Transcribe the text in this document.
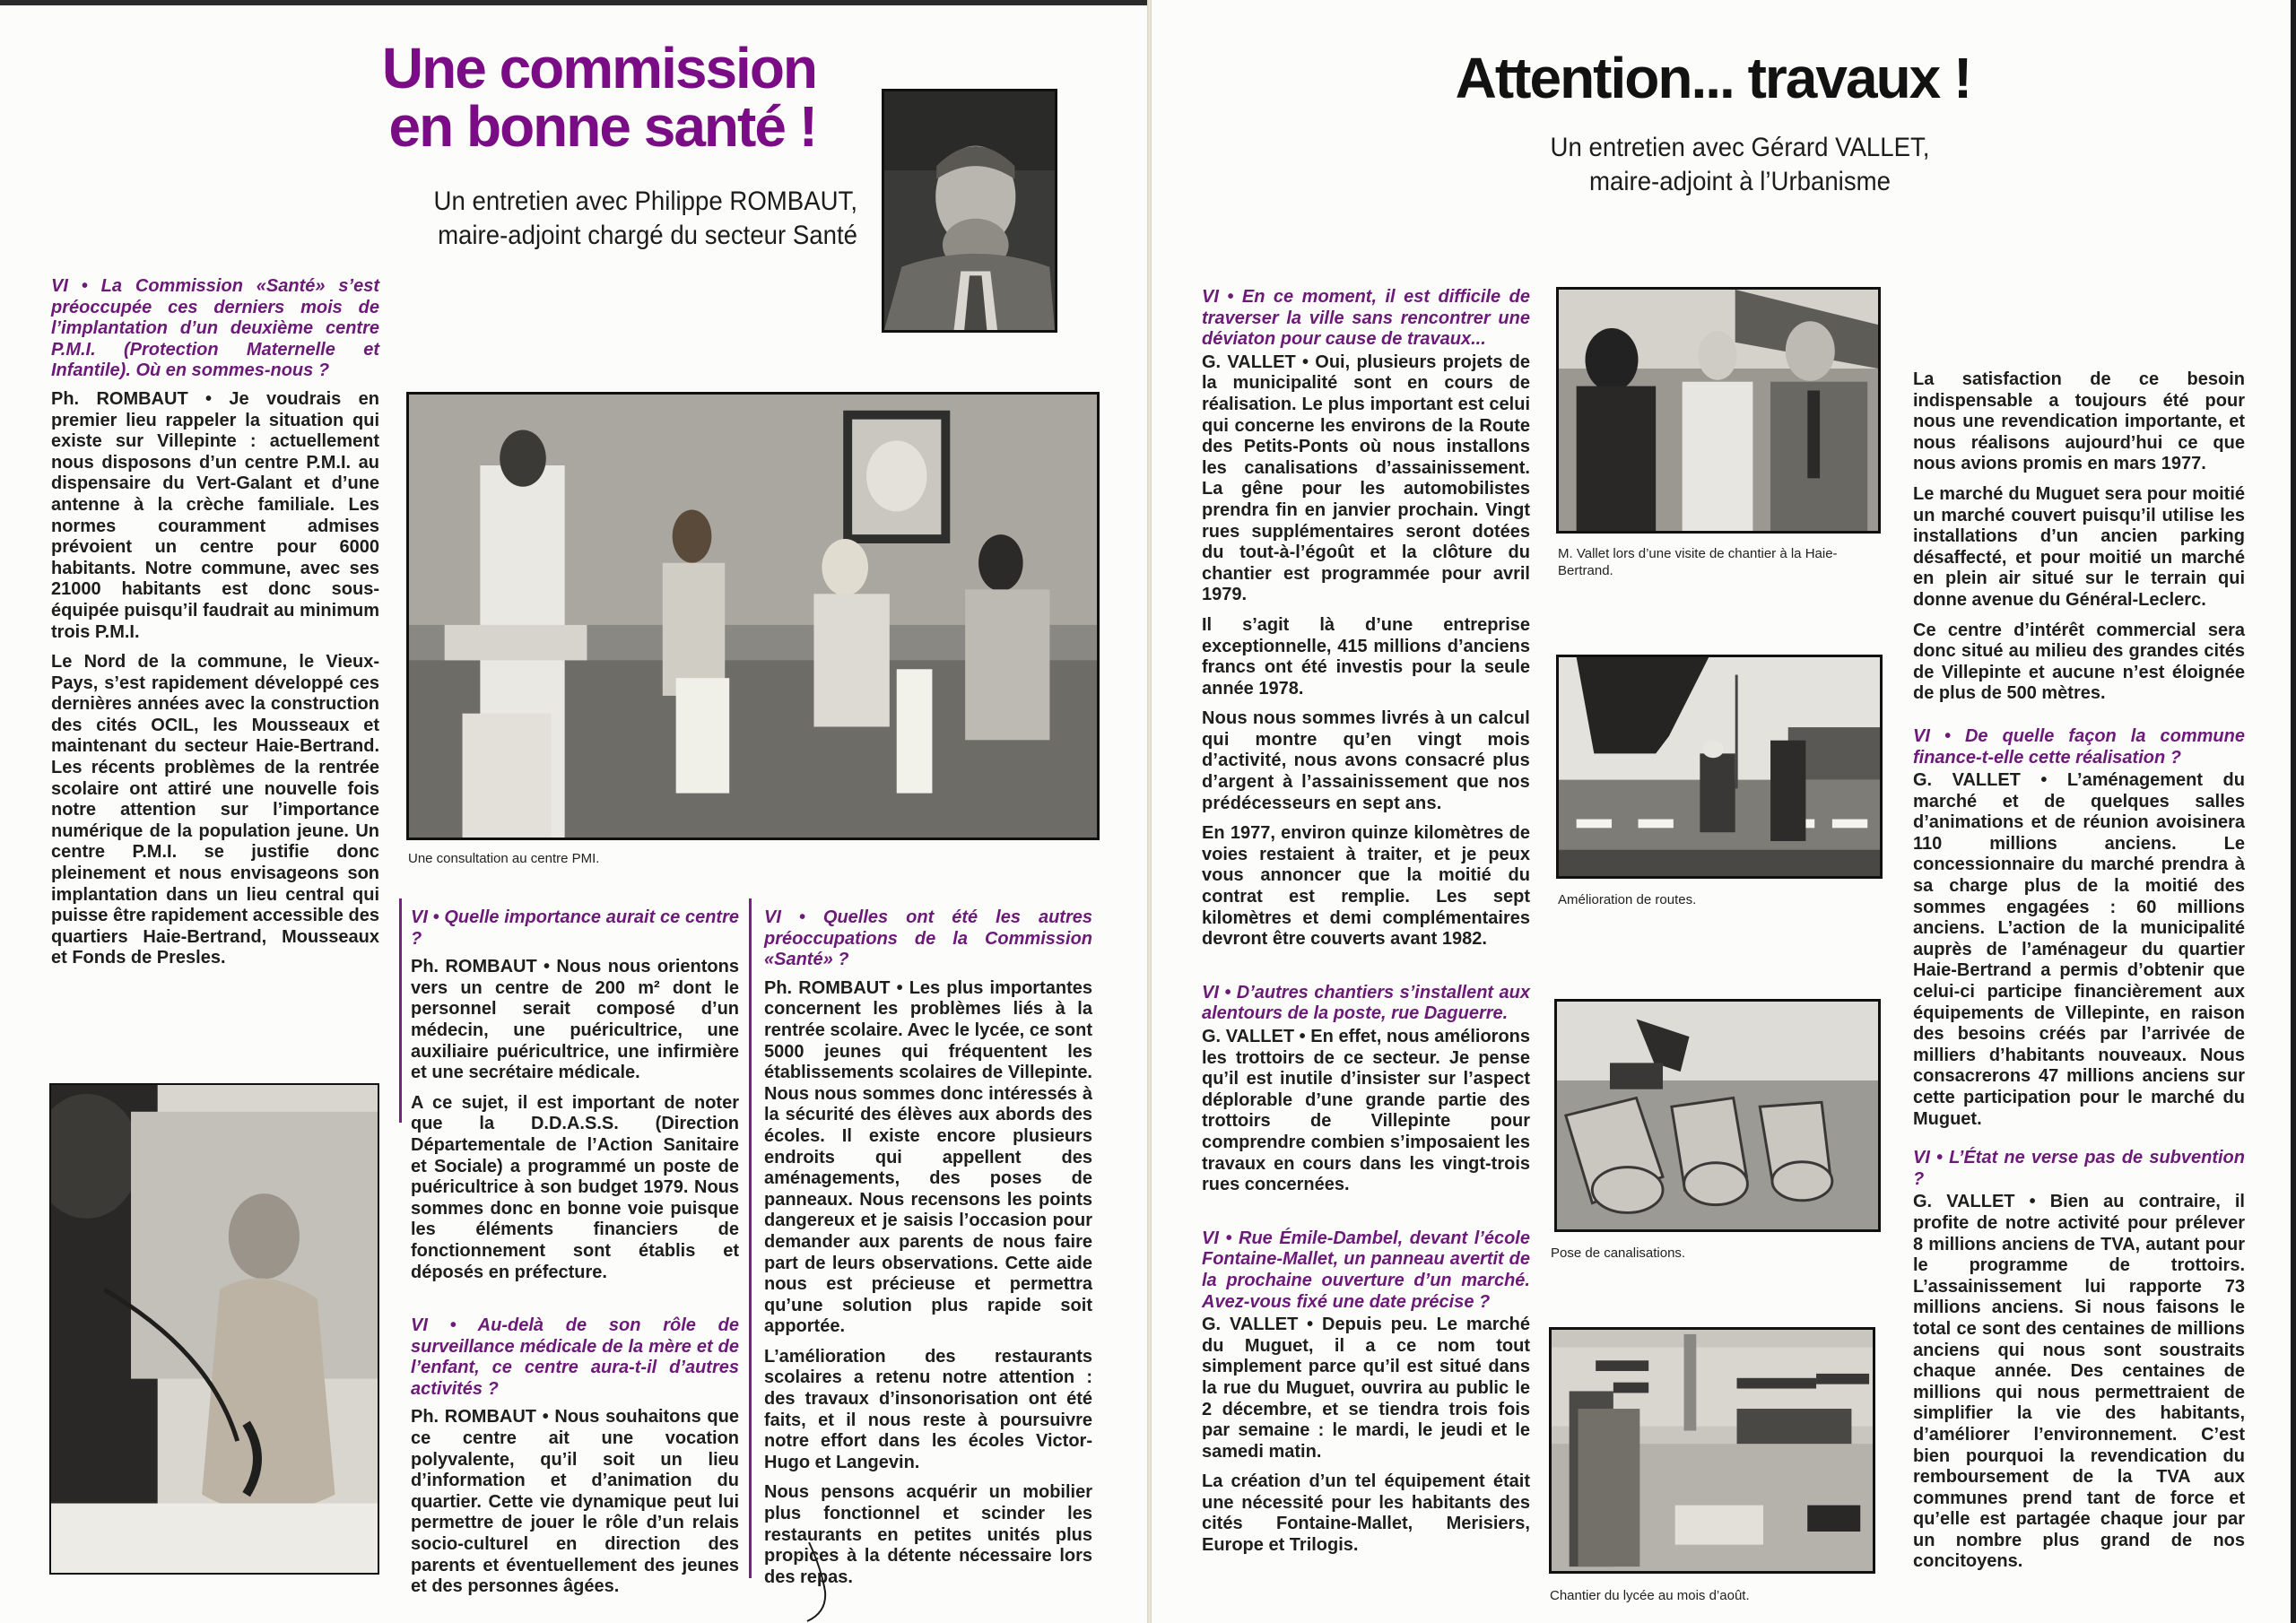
Une commission
en bonne santé !
Un entretien avec Philippe ROMBAUT,
maire-adjoint chargé du secteur Santé

VI • La Commission «Santé» s’est préoccupée ces derniers mois de l’implantation d’un deuxième centre P.M.I. (Protection Maternelle et Infantile). Où en sommes-nous ?

Ph. ROMBAUT • Je voudrais en premier lieu rappeler la situation qui existe sur Villepinte : actuellement nous disposons d’un centre P.M.I. au dispensaire du Vert-Galant et d’une antenne à la crèche familiale. Les normes couramment admises prévoient un centre pour 6000 habitants. Notre commune, avec ses 21000 habitants est donc sous-équipée puisqu’il faudrait au minimum trois P.M.I.

Le Nord de la commune, le Vieux-Pays, s’est rapidement développé ces dernières années avec la construction des cités OCIL, les Mousseaux et maintenant du secteur Haie-Bertrand. Les récents problèmes de la rentrée scolaire ont attiré une nouvelle fois notre attention sur l’importance numérique de la population jeune. Un centre P.M.I. se justifie donc pleinement et nous envisageons son implantation dans un lieu central qui puisse être rapidement accessible des quartiers Haie-Bertrand, Mousseaux et Fonds de Presles.

Une consultation au centre PMI.

VI • Quelle importance aurait ce centre ?

Ph. ROMBAUT • Nous nous orientons vers un centre de 200 m² dont le personnel serait composé d’un médecin, une puéricultrice, une auxiliaire puéricultrice, une infirmière et une secrétaire médicale.

A ce sujet, il est important de noter que la D.D.A.S.S. (Direction Départementale de l’Action Sanitaire et Sociale) a programmé un poste de puéricultrice à son budget 1979. Nous sommes donc en bonne voie puisque les éléments financiers de fonctionnement sont établis et déposés en préfecture.

VI • Au-delà de son rôle de surveillance médicale de la mère et de l’enfant, ce centre aura-t-il d’autres activités ?

Ph. ROMBAUT • Nous souhaitons que ce centre ait une vocation polyvalente, qu’il soit un lieu d’information et d’animation du quartier. Cette vie dynamique peut lui permettre de jouer le rôle d’un relais socio-culturel en direction des parents et éventuellement des jeunes et des personnes âgées.

VI • Quelles ont été les autres préoccupations de la Commission «Santé» ?

Ph. ROMBAUT • Les plus importantes concernent les problèmes liés à la rentrée scolaire. Avec le lycée, ce sont 5000 jeunes qui fréquentent les établissements scolaires de Villepinte. Nous nous sommes donc intéressés à la sécurité des élèves aux abords des écoles. Il existe encore plusieurs endroits qui appellent des aménagements, des poses de panneaux. Nous recensons les points dangereux et je saisis l’occasion pour demander aux parents de nous faire part de leurs observations. Cette aide nous est précieuse et permettra qu’une solution plus rapide soit apportée.

L’amélioration des restaurants scolaires a retenu notre attention : des travaux d’insonorisation ont été faits, et il nous reste à poursuivre notre effort dans les écoles Victor-Hugo et Langevin.

Nous pensons acquérir un mobilier plus fonctionnel et scinder les restaurants en petites unités plus propices à la détente nécessaire lors des repas.

Attention... travaux !
Un entretien avec Gérard VALLET,
maire-adjoint à l’Urbanisme

VI • En ce moment, il est difficile de traverser la ville sans rencontrer une déviaton pour cause de travaux...

G. VALLET • Oui, plusieurs projets de la municipalité sont en cours de réalisation. Le plus important est celui qui concerne les environs de la Route des Petits-Ponts où nous installons les canalisations d’assainissement. La gêne pour les automobilistes prendra fin en janvier prochain. Vingt rues supplémentaires seront dotées du tout-à-l’égoût et la clôture du chantier est programmée pour avril 1979.

Il s’agit là d’une entreprise exceptionnelle, 415 millions d’anciens francs ont été investis pour la seule année 1978.

Nous nous sommes livrés à un calcul qui montre qu’en vingt mois d’activité, nous avons consacré plus d’argent à l’assainissement que nos prédécesseurs en sept ans.

En 1977, environ quinze kilomètres de voies restaient à traiter, et je peux vous annoncer que la moitié du contrat est remplie. Les sept kilomètres et demi complémentaires devront être couverts avant 1982.

VI • D’autres chantiers s’installent aux alentours de la poste, rue Daguerre.

G. VALLET • En effet, nous améliorons les trottoirs de ce secteur. Je pense qu’il est inutile d’insister sur l’aspect déplorable d’une grande partie des trottoirs de Villepinte pour comprendre combien s’imposaient les travaux en cours dans les vingt-trois rues concernées.

VI • Rue Émile-Dambel, devant l’école Fontaine-Mallet, un panneau avertit de la prochaine ouverture d’un marché. Avez-vous fixé une date précise ?

G. VALLET • Depuis peu. Le marché du Muguet, il a ce nom tout simplement parce qu’il est situé dans la rue du Muguet, ouvrira au public le 2 décembre, et se tiendra trois fois par semaine : le mardi, le jeudi et le samedi matin.

La création d’un tel équipement était une nécessité pour les habitants des cités Fontaine-Mallet, Merisiers, Europe et Trilogis.

M. Vallet lors d’une visite de chantier à la Haie-Bertrand.

Amélioration de routes.

Pose de canalisations.

Chantier du lycée au mois d’août.

La satisfaction de ce besoin indispensable a toujours été pour nous une revendication importante, et nous réalisons aujourd’hui ce que nous avions promis en mars 1977.

Le marché du Muguet sera pour moitié un marché couvert puisqu’il utilise les installations d’un ancien parking désaffecté, et pour moitié un marché en plein air situé sur le terrain qui donne avenue du Général-Leclerc.

Ce centre d’intérêt commercial sera donc situé au milieu des grandes cités de Villepinte et aucune n’est éloignée de plus de 500 mètres.

VI • De quelle façon la commune finance-t-elle cette réalisation ?

G. VALLET • L’aménagement du marché et de quelques salles d’animations et de réunion avoisinera 110 millions anciens. Le concessionnaire du marché prendra à sa charge plus de la moitié des sommes engagées : 60 millions anciens. L’action de la municipalité auprès de l’aménageur du quartier Haie-Bertrand a permis d’obtenir que celui-ci participe financièrement aux équipements de Villepinte, en raison des besoins créés par l’arrivée de milliers d’habitants nouveaux. Nous consacrerons 47 millions anciens sur cette participation pour le marché du Muguet.

VI • L’État ne verse pas de subvention ?

G. VALLET • Bien au contraire, il profite de notre activité pour prélever 8 millions anciens de TVA, autant pour le programme de trottoirs. L’assainissement lui rapporte 73 millions anciens. Si nous faisons le total ce sont des centaines de millions anciens qui nous sont soustraits chaque année. Des centaines de millions qui nous permettraient de simplifier la vie des habitants, d’améliorer l’environnement. C’est bien pourquoi la revendication du remboursement de la TVA aux communes prend tant de force et qu’elle est partagée chaque jour par un nombre plus grand de nos concitoyens.
